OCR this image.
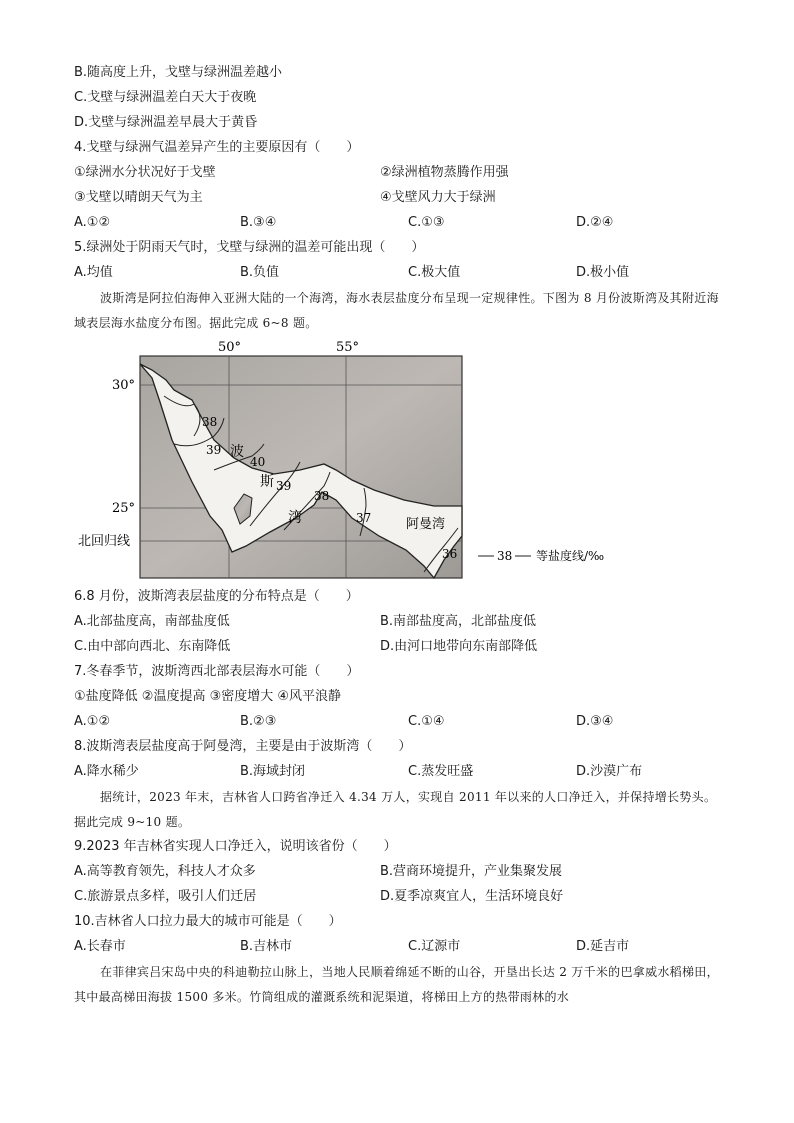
B.随高度上升，戈壁与绿洲温差越小
C.戈壁与绿洲温差白天大于夜晚
D.戈壁与绿洲温差早晨大于黄昏
4.戈壁与绿洲气温差异产生的主要原因有（　　）
①绿洲水分状况好于戈壁	②绿洲植物蒸腾作用强
③戈壁以晴朗天气为主	④戈壁风力大于绿洲
A.①②	B.③④	C.①③	D.②④
5.绿洲处于阴雨天气时，戈壁与绿洲的温差可能出现（　　）
A.均值	B.负值	C.极大值	D.极小值
波斯湾是阿拉伯海伸入亚洲大陆的一个海湾，海水表层盐度分布呈现一定规律性。下图为 8 月份波斯湾及其附近海域表层海水盐度分布图。据此完成 6~8 题。
38
39
40
39
38
37
36
波
斯
湾	阿曼湾
50°	55°
30°
25°
北回归线
38 等盐度线/‰
6.8 月份，波斯湾表层盐度的分布特点是（　　）
A.北部盐度高，南部盐度低	B.南部盐度高，北部盐度低
C.由中部向西北、东南降低	D.由河口地带向东南部降低
7.冬春季节，波斯湾西北部表层海水可能（　　）
①盐度降低 ②温度提高 ③密度增大 ④风平浪静
A.①②	B.②③	C.①④	D.③④
8.波斯湾表层盐度高于阿曼湾，主要是由于波斯湾（　　）
A.降水稀少	B.海域封闭	C.蒸发旺盛	D.沙漠广布
据统计，2023 年末，吉林省人口跨省净迁入 4.34 万人，实现自 2011 年以来的人口净迁入，并保持增长势头。据此完成 9~10 题。
9.2023 年吉林省实现人口净迁入，说明该省份（　　）
A.高等教育领先，科技人才众多	B.营商环境提升，产业集聚发展
C.旅游景点多样，吸引人们迁居	D.夏季凉爽宜人，生活环境良好
10.吉林省人口拉力最大的城市可能是（　　）
A.长春市	B.吉林市	C.辽源市	D.延吉市
在菲律宾吕宋岛中央的科迪勒拉山脉上，当地人民顺着绵延不断的山谷，开垦出长达 2 万千米的巴拿威水稻梯田，其中最高梯田海拔 1500 多米。竹筒组成的灌溉系统和泥渠道，将梯田上方的热带雨林的水
